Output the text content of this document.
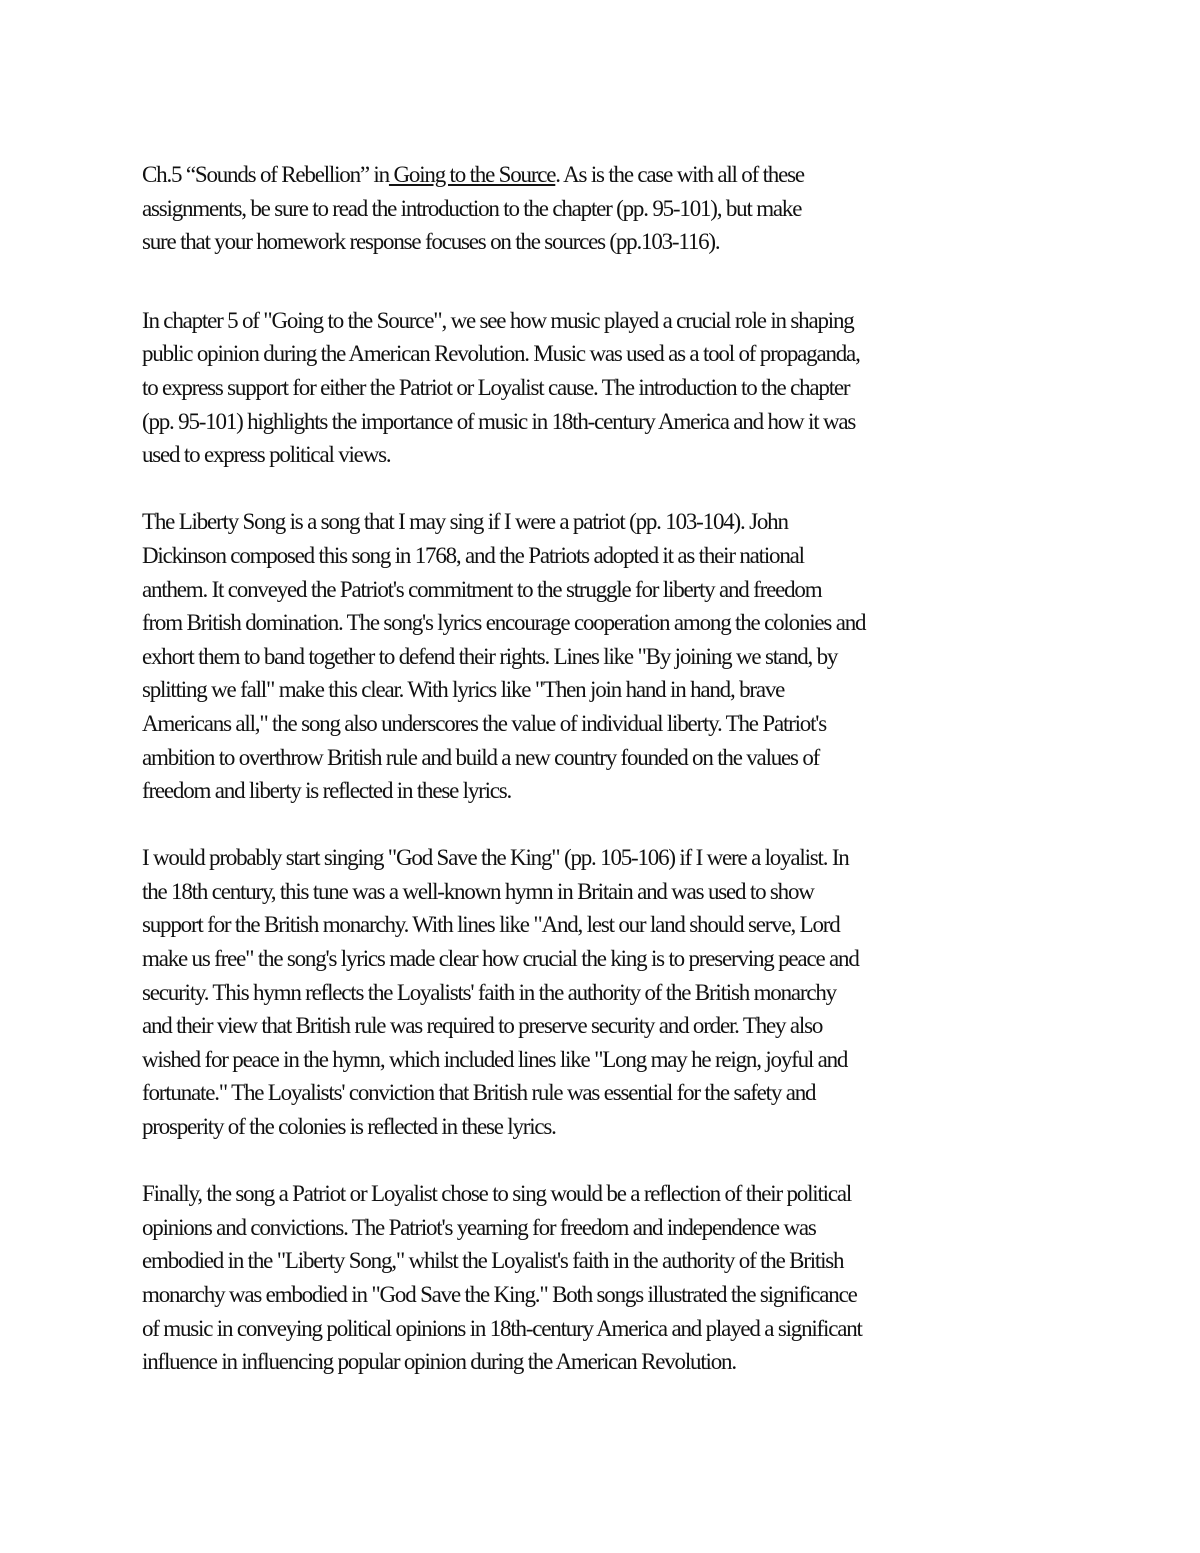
Ch.5 “Sounds of Rebellion” in Going to the Source. As is the case with all of these
assignments, be sure to read the introduction to the chapter (pp. 95-101), but make
sure that your homework response focuses on the sources (pp.103-116).
In chapter 5 of "Going to the Source", we see how music played a crucial role in shaping
public opinion during the American Revolution. Music was used as a tool of propaganda,
to express support for either the Patriot or Loyalist cause. The introduction to the chapter
(pp. 95-101) highlights the importance of music in 18th-century America and how it was
used to express political views.
The Liberty Song is a song that I may sing if I were a patriot (pp. 103-104). John
Dickinson composed this song in 1768, and the Patriots adopted it as their national
anthem. It conveyed the Patriot's commitment to the struggle for liberty and freedom
from British domination. The song's lyrics encourage cooperation among the colonies and
exhort them to band together to defend their rights. Lines like "By joining we stand, by
splitting we fall" make this clear. With lyrics like "Then join hand in hand, brave
Americans all," the song also underscores the value of individual liberty. The Patriot's
ambition to overthrow British rule and build a new country founded on the values of
freedom and liberty is reflected in these lyrics.
I would probably start singing "God Save the King" (pp. 105-106) if I were a loyalist. In
the 18th century, this tune was a well-known hymn in Britain and was used to show
support for the British monarchy. With lines like "And, lest our land should serve, Lord
make us free" the song's lyrics made clear how crucial the king is to preserving peace and
security. This hymn reflects the Loyalists' faith in the authority of the British monarchy
and their view that British rule was required to preserve security and order. They also
wished for peace in the hymn, which included lines like "Long may he reign, joyful and
fortunate." The Loyalists' conviction that British rule was essential for the safety and
prosperity of the colonies is reflected in these lyrics.
Finally, the song a Patriot or Loyalist chose to sing would be a reflection of their political
opinions and convictions. The Patriot's yearning for freedom and independence was
embodied in the "Liberty Song," whilst the Loyalist's faith in the authority of the British
monarchy was embodied in "God Save the King." Both songs illustrated the significance
of music in conveying political opinions in 18th-century America and played a significant
influence in influencing popular opinion during the American Revolution.
